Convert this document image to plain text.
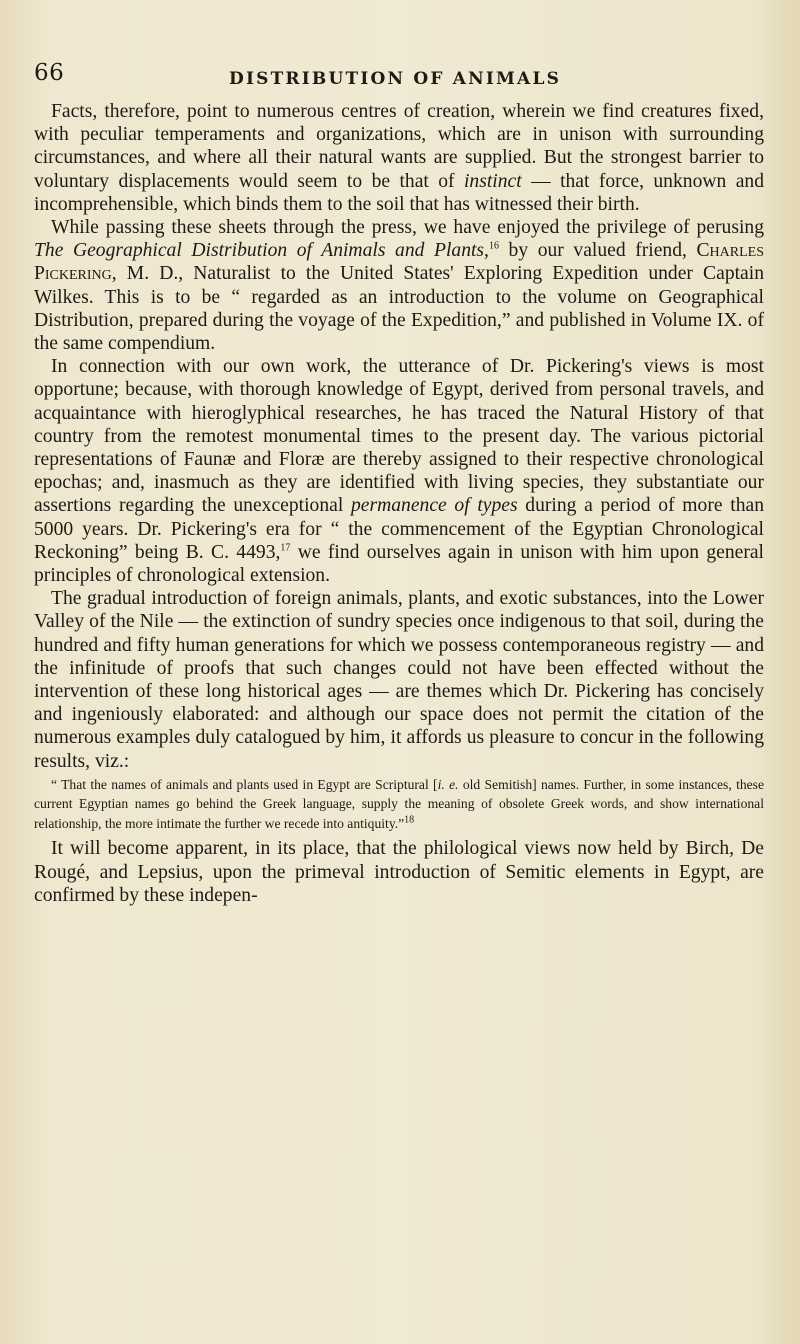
66	DISTRIBUTION OF ANIMALS

Facts, therefore, point to numerous centres of creation, wherein we find creatures fixed, with peculiar temperaments and organizations, which are in unison with surrounding circumstances, and where all their natural wants are supplied. But the strongest barrier to voluntary displacements would seem to be that of instinct — that force, unknown and incomprehensible, which binds them to the soil that has witnessed their birth.

While passing these sheets through the press, we have enjoyed the privilege of perusing The Geographical Distribution of Animals and Plants,$^{16}$ by our valued friend, Charles Pickering, M. D., Naturalist to the United States' Exploring Expedition under Captain Wilkes. This is to be “ regarded as an introduction to the volume on Geographical Distribution, prepared during the voyage of the Expedition,” and published in Volume IX. of the same compendium.

In connection with our own work, the utterance of Dr. Pickering's views is most opportune; because, with thorough knowledge of Egypt, derived from personal travels, and acquaintance with hieroglyphical researches, he has traced the Natural History of that country from the remotest monumental times to the present day. The various pictorial representations of Faunæ and Floræ are thereby assigned to their respective chronological epochas; and, inasmuch as they are identified with living species, they substantiate our assertions regarding the unexceptional permanence of types during a period of more than 5000 years. Dr. Pickering's era for “ the commencement of the Egyptian Chronological Reckoning” being B. C. 4493,17 we find ourselves again in unison with him upon general principles of chronological extension.

The gradual introduction of foreign animals, plants, and exotic substances, into the Lower Valley of the Nile — the extinction of sundry species once indigenous to that soil, during the hundred and fifty human generations for which we possess contemporaneous registry — and the infinitude of proofs that such changes could not have been effected without the intervention of these long historical ages — are themes which Dr. Pickering has concisely and ingeniously elaborated: and although our space does not permit the citation of the numerous examples duly catalogued by him, it affords us pleasure to concur in the following results, viz.:

“ That the names of animals and plants used in Egypt are Scriptural [i. e. old Semitish] names. Further, in some instances, these current Egyptian names go behind the Greek language, supply the meaning of obsolete Greek words, and show international relationship, the more intimate the further we recede into antiquity.”$^{18}$

It will become apparent, in its place, that the philological views now held by Birch, De Rougé, and Lepsius, upon the primeval introduction of Semitic elements in Egypt, are confirmed by these indepen-
